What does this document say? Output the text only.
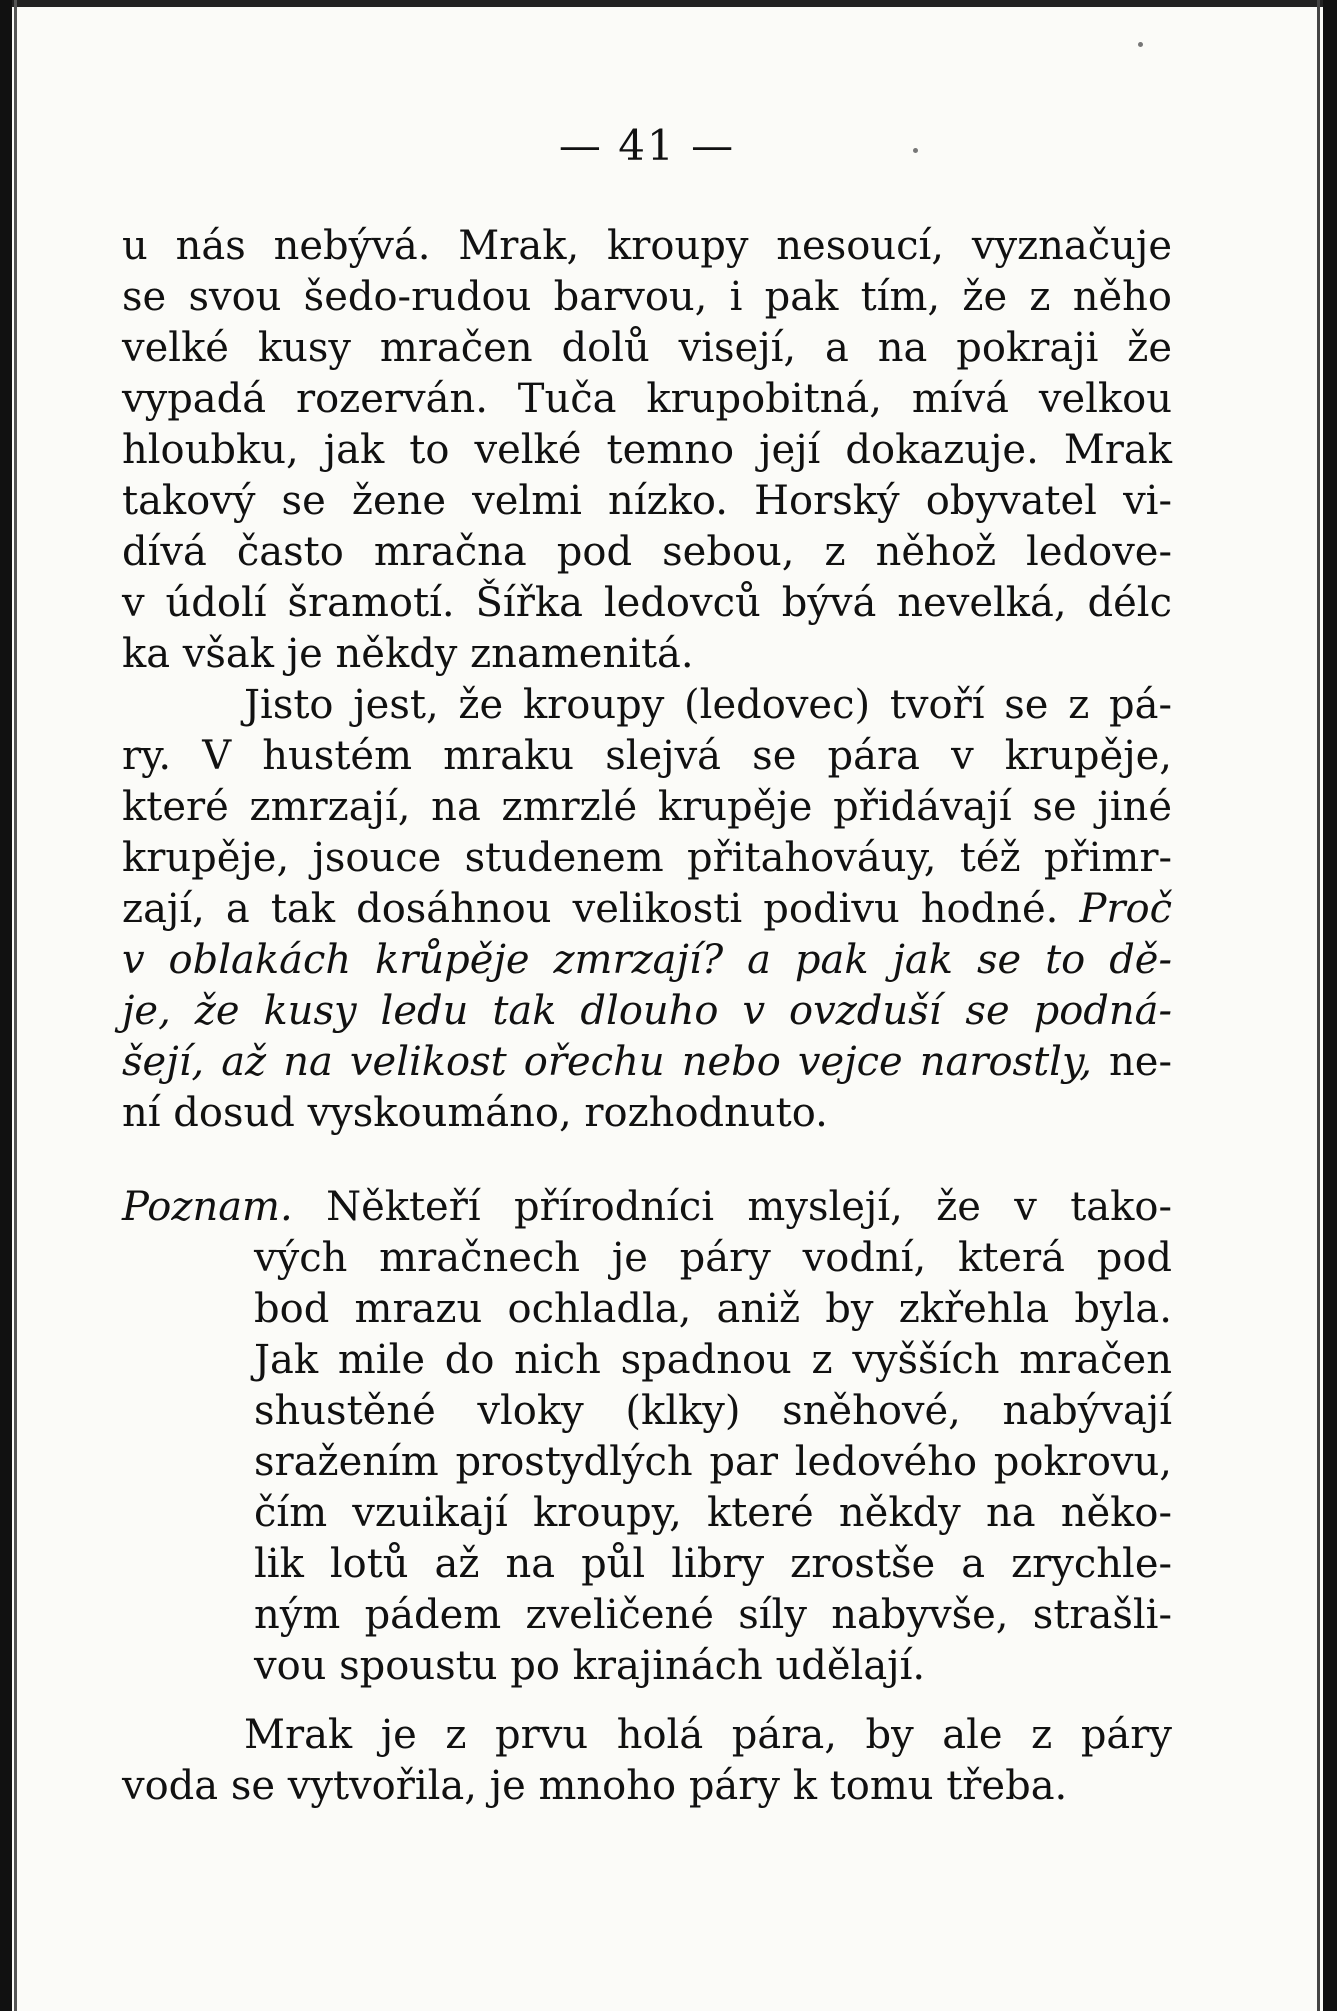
— 41 —
u nás nebývá. Mrak, kroupy nesoucí, vyznačuje
se svou šedo-rudou barvou, i pak tím, že z něho
velké kusy mračen dolů visejí, a na pokraji že
vypadá rozerván. Tuča krupobitná, mívá velkou
hloubku, jak to velké temno její dokazuje. Mrak
takový se žene velmi nízko. Horský obyvatel vi-
dívá často mračna pod sebou, z něhož ledove-
v údolí šramotí. Šířka ledovců bývá nevelká, délc
ka však je někdy znamenitá.
Jisto jest, že kroupy (ledovec) tvoří se z pá-
ry. V hustém mraku slejvá se pára v krupěje,
které zmrzají, na zmrzlé krupěje přidávají se jiné
krupěje, jsouce studenem přitahováuy, též přimr-
zají, a tak dosáhnou velikosti podivu hodné. Proč
v oblakách krůpěje zmrzají? a pak jak se to dě-
je, že kusy ledu tak dlouho v ovzduší se podná-
šejí, až na velikost ořechu nebo vejce narostly, ne-
ní dosud vyskoumáno, rozhodnuto.
Poznam. Někteří přírodníci myslejí, že v tako-
vých mračnech je páry vodní, která pod
bod mrazu ochladla, aniž by zkřehla byla.
Jak mile do nich spadnou z vyšších mračen
shustěné vloky (klky) sněhové, nabývají
sražením prostydlých par ledového pokrovu,
čím vzuikají kroupy, které někdy na něko-
lik lotů až na půl libry zrostše a zrychle-
ným pádem zveličené síly nabyvše, strašli-
vou spoustu po krajinách udělají.
Mrak je z prvu holá pára, by ale z páry
voda se vytvořila, je mnoho páry k tomu třeba.
